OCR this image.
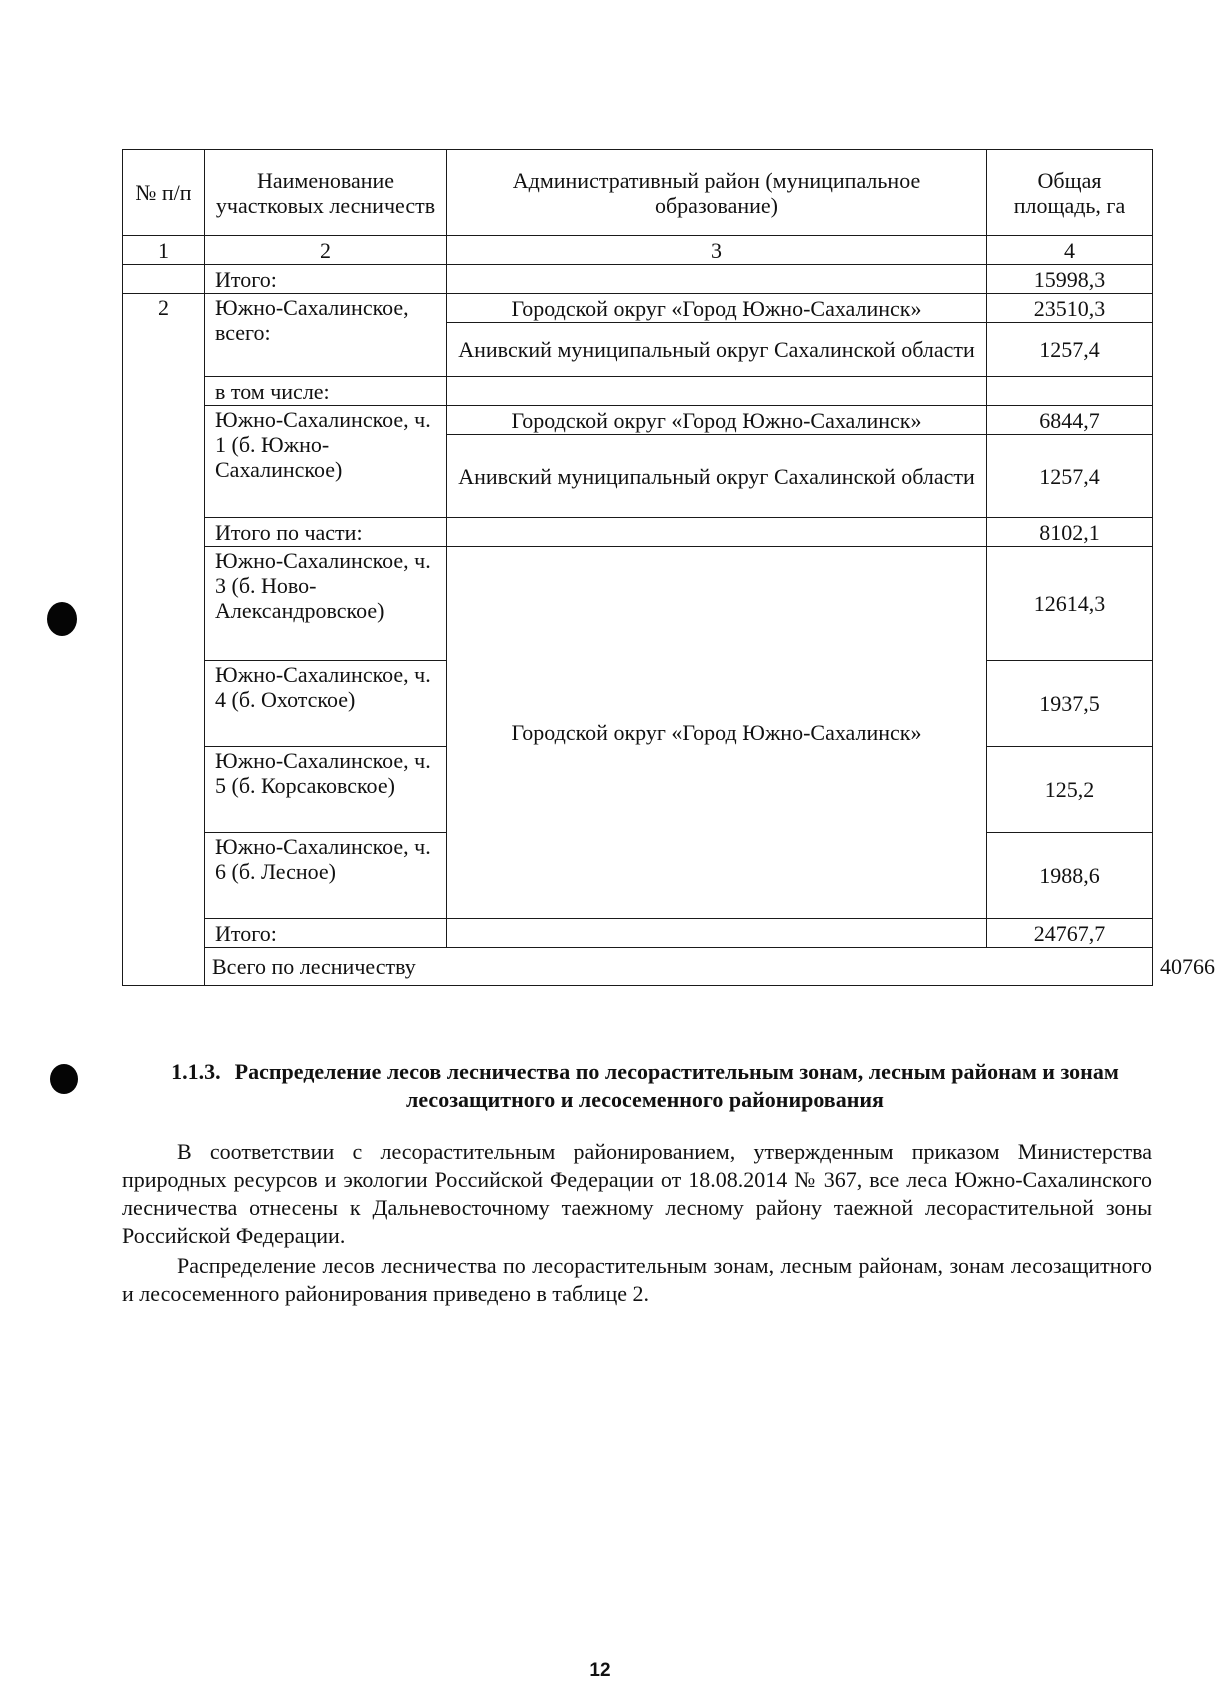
№ п/п	Наименование участковых лесничеств	Административный район (муниципальное образование)	Общая площадь, га	
1	2	3	4	
	Итого:		15998,3	
2	Южно-Сахалинское, всего:	Городской округ «Город Южно-Сахалинск»	23510,3	
		Анивский муниципальный округ Сахалинской области	1257,4	
	в том числе:			
	Южно-Сахалинское, ч. 1 (б. Южно-Сахалинское)	Городской округ «Город Южно-Сахалинск»	6844,7	
		Анивский муниципальный округ Сахалинской области	1257,4	
	Итого по части:		8102,1	
	Южно-Сахалинское, ч. 3 (б. Ново-Александровское)	Городской округ «Город Южно-Сахалинск»	12614,3	
	Южно-Сахалинское, ч. 4 (б. Охотское)		1937,5	
	Южно-Сахалинское, ч. 5 (б. Корсаковское)		125,2	
	Южно-Сахалинское, ч. 6 (б. Лесное)		1988,6	
	Итого:		24767,7	
	Всего по лесничеству			40766
1.1.3. Распределение лесов лесничества по лесорастительным зонам, лесным районам и зонам лесозащитного и лесосеменного районирования

В соответствии с лесорастительным районированием, утвержденным приказом Министерства природных ресурсов и экологии Российской Федерации от 18.08.2014 № 367, все леса Южно-Сахалинского лесничества отнесены к Дальневосточному таежному лесному району таежной лесорастительной зоны Российской Федерации.

Распределение лесов лесничества по лесорастительным зонам, лесным районам, зонам лесозащитного и лесосеменного районирования приведено в таблице 2.

12
